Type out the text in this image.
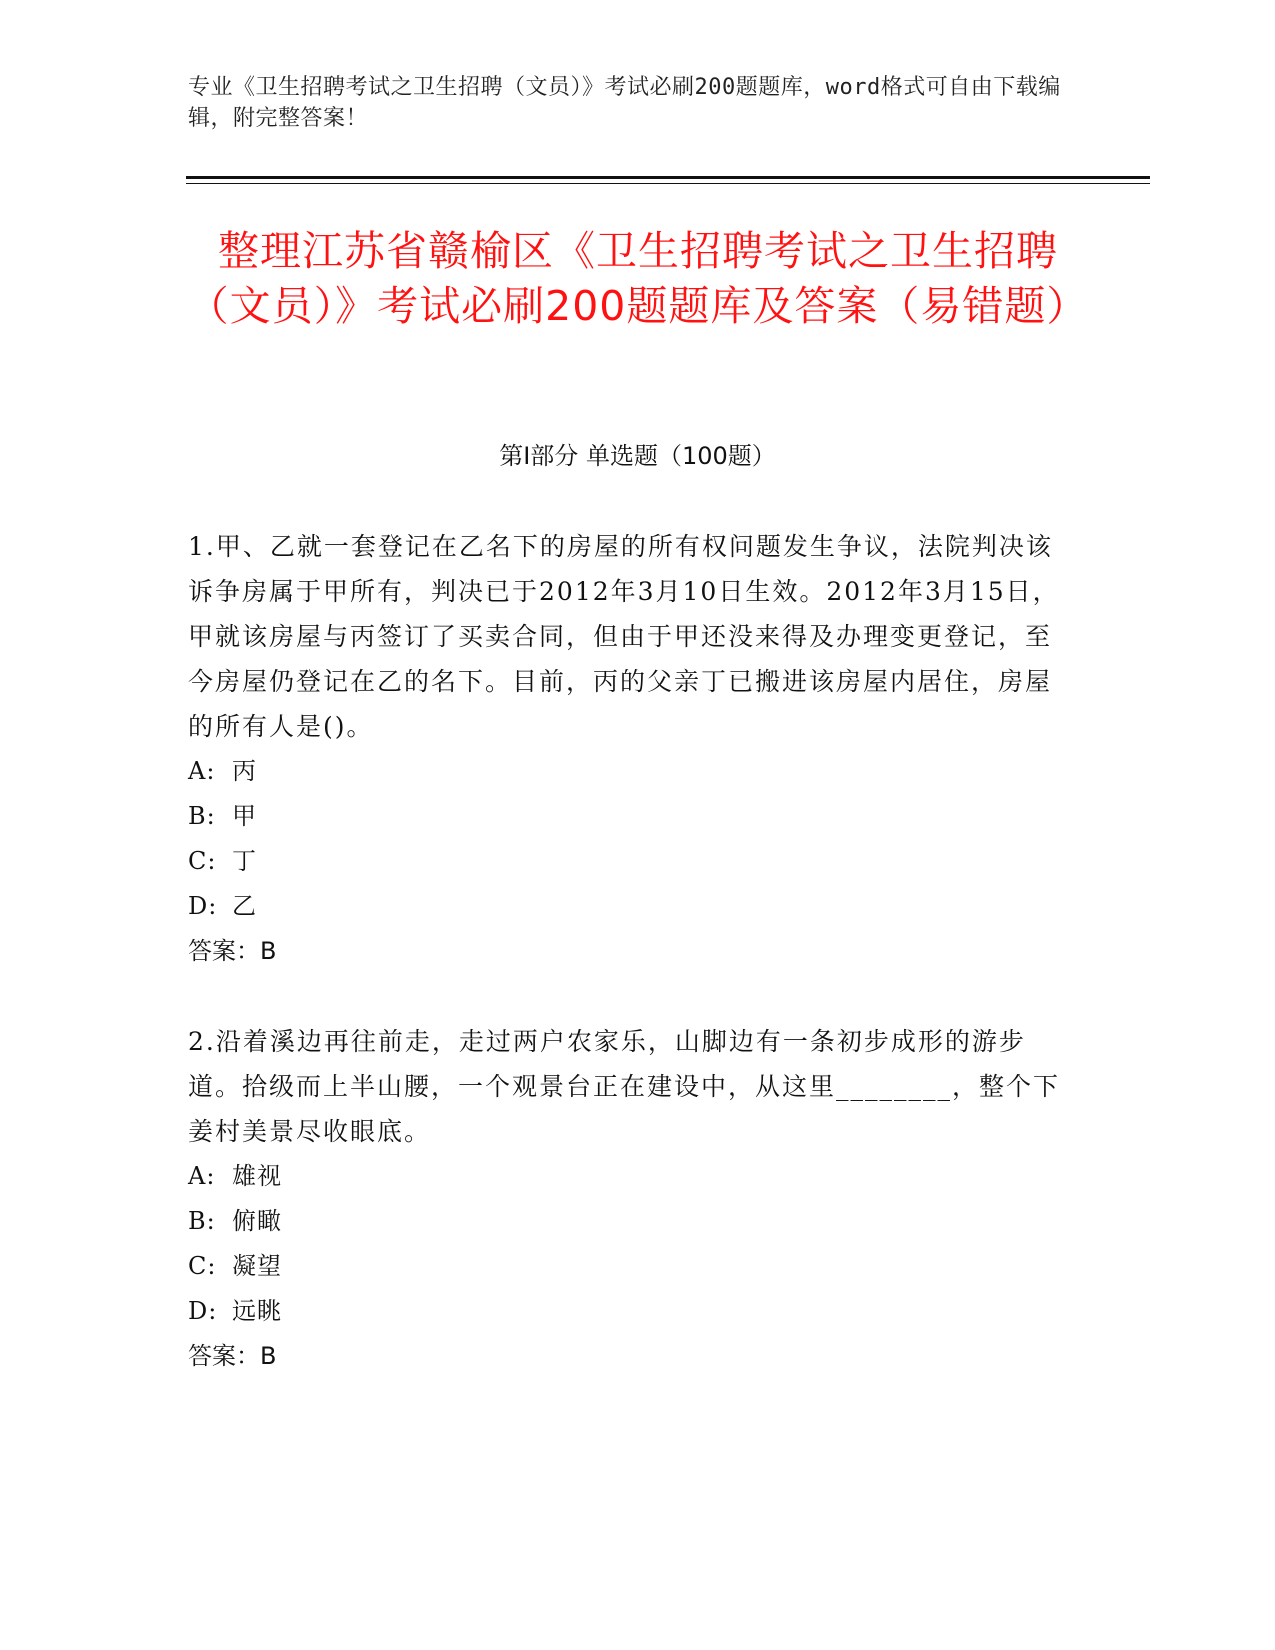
专业《卫生招聘考试之卫生招聘（文员）》考试必刷200题题库，word格式可自由下载编辑，附完整答案！
整理江苏省赣榆区《卫生招聘考试之卫生招聘（文员）》考试必刷200题题库及答案（易错题）
第I部分 单选题（100题）

1.甲、乙就一套登记在乙名下的房屋的所有权问题发生争议，法院判决该诉争房属于甲所有，判决已于2012年3月10日生效。2012年3月15日，甲就该房屋与丙签订了买卖合同，但由于甲还没来得及办理变更登记，至今房屋仍登记在乙的名下。目前，丙的父亲丁已搬进该房屋内居住，房屋的所有人是()。

A: 丙

B: 甲

C: 丁

D: 乙

答案：B

2.沿着溪边再往前走，走过两户农家乐，山脚边有一条初步成形的游步道。拾级而上半山腰，一个观景台正在建设中，从这里________，整个下姜村美景尽收眼底。

A: 雄视

B: 俯瞰

C: 凝望

D: 远眺

答案：B
